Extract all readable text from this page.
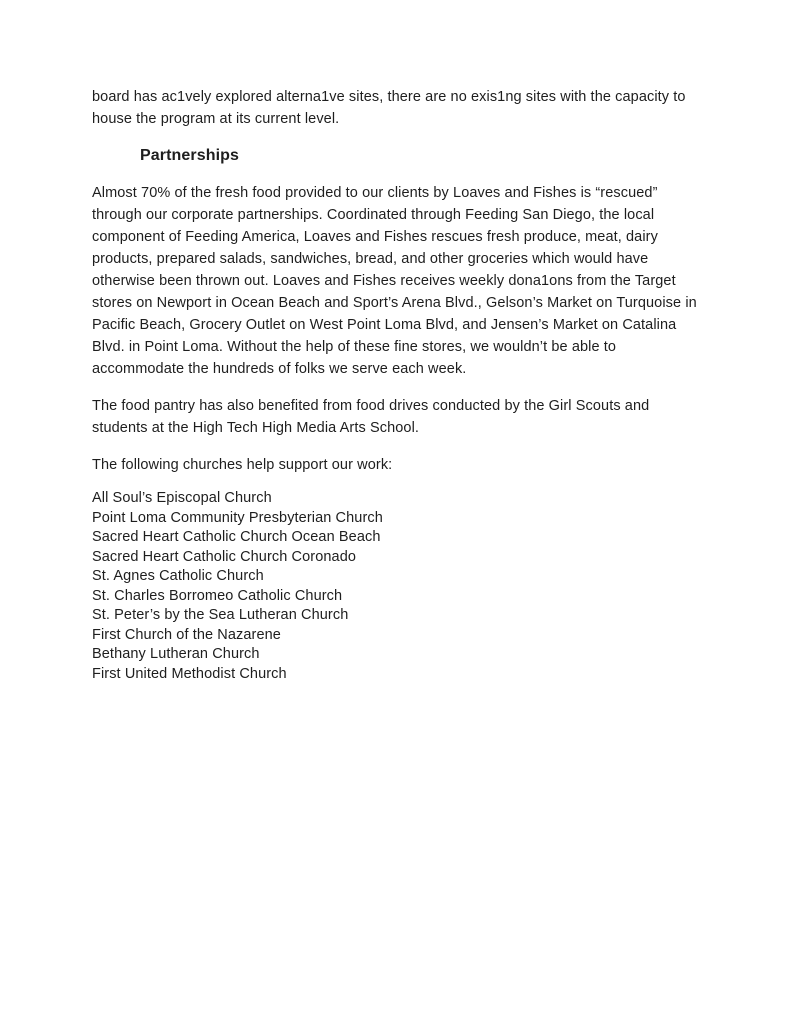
board has ac1vely explored alterna1ve sites, there are no exis1ng sites with the capacity to house the program at its current level.

Partnerships

Almost 70% of the fresh food provided to our clients by Loaves and Fishes is “rescued” through our corporate partnerships. Coordinated through Feeding San Diego, the local component of Feeding America, Loaves and Fishes rescues fresh produce, meat, dairy products, prepared salads, sandwiches, bread, and other groceries which would have otherwise been thrown out. Loaves and Fishes receives weekly dona1ons from the Target stores on Newport in Ocean Beach and Sport’s Arena Blvd., Gelson’s Market on Turquoise in Pacific Beach, Grocery Outlet on West Point Loma Blvd, and Jensen’s Market on Catalina Blvd. in Point Loma. Without the help of these fine stores, we wouldn’t be able to accommodate the hundreds of folks we serve each week.

The food pantry has also benefited from food drives conducted by the Girl Scouts and students at the High Tech High Media Arts School.

The following churches help support our work:

All Soul’s Episcopal Church
Point Loma Community Presbyterian Church
Sacred Heart Catholic Church Ocean Beach
Sacred Heart Catholic Church Coronado
St. Agnes Catholic Church
St. Charles Borromeo Catholic Church
St. Peter’s by the Sea Lutheran Church
First Church of the Nazarene
Bethany Lutheran Church
First United Methodist Church
